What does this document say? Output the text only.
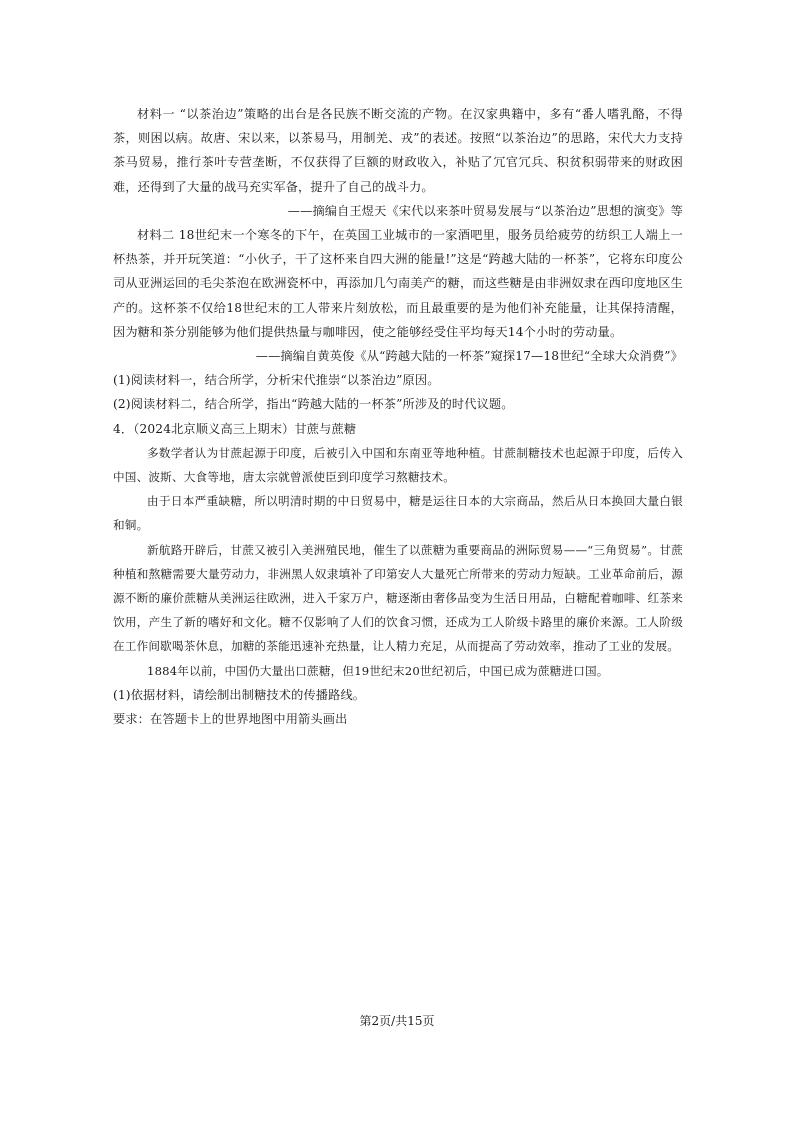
材料一 “以茶治边”策略的出台是各民族不断交流的产物。在汉家典籍中，多有“番人嗜乳酪，不得茶，则困以病。故唐、宋以来，以茶易马，用制羌、戎”的表述。按照“以茶治边”的思路，宋代大力支持茶马贸易，推行茶叶专营垄断，不仅获得了巨额的财政收入，补贴了冗官冗兵、积贫积弱带来的财政困难，还得到了大量的战马充实军备，提升了自己的战斗力。

——摘编自王煜天《宋代以来茶叶贸易发展与“以茶治边”思想的演变》等

材料二 18世纪末一个寒冬的下午，在英国工业城市的一家酒吧里，服务员给疲劳的纺织工人端上一杯热茶，并开玩笑道：“小伙子，干了这杯来自四大洲的能量!”这是“跨越大陆的一杯茶”，它将东印度公司从亚洲运回的毛尖茶泡在欧洲瓷杯中，再添加几勺南美产的糖，而这些糖是由非洲奴隶在西印度地区生产的。这杯茶不仅给18世纪末的工人带来片刻放松，而且最重要的是为他们补充能量，让其保持清醒，因为糖和茶分别能够为他们提供热量与咖啡因，使之能够经受住平均每天14个小时的劳动量。

——摘编自黄英俊《从“跨越大陆的一杯茶”窥探17—18世纪“全球大众消费”》

(1)阅读材料一，结合所学，分析宋代推崇“以茶治边”原因。

(2)阅读材料二，结合所学，指出“跨越大陆的一杯茶”所涉及的时代议题。

4．（2024北京顺义高三上期末）甘蔗与蔗糖

多数学者认为甘蔗起源于印度，后被引入中国和东南亚等地种植。甘蔗制糖技术也起源于印度，后传入中国、波斯、大食等地，唐太宗就曾派使臣到印度学习熬糖技术。

由于日本严重缺糖，所以明清时期的中日贸易中，糖是运往日本的大宗商品，然后从日本换回大量白银和铜。

新航路开辟后，甘蔗又被引入美洲殖民地，催生了以蔗糖为重要商品的洲际贸易——“三角贸易”。甘蔗种植和熬糖需要大量劳动力，非洲黑人奴隶填补了印第安人大量死亡所带来的劳动力短缺。工业革命前后，源源不断的廉价蔗糖从美洲运往欧洲，进入千家万户，糖逐渐由奢侈品变为生活日用品，白糖配着咖啡、红茶来饮用，产生了新的嗜好和文化。糖不仅影响了人们的饮食习惯，还成为工人阶级卡路里的廉价来源。工人阶级在工作间歇喝茶休息，加糖的茶能迅速补充热量，让人精力充足，从而提高了劳动效率，推动了工业的发展。

1884年以前，中国仍大量出口蔗糖，但19世纪末20世纪初后，中国已成为蔗糖进口国。

(1)依据材料，请绘制出制糖技术的传播路线。

要求：在答题卡上的世界地图中用箭头画出

第2页/共15页
